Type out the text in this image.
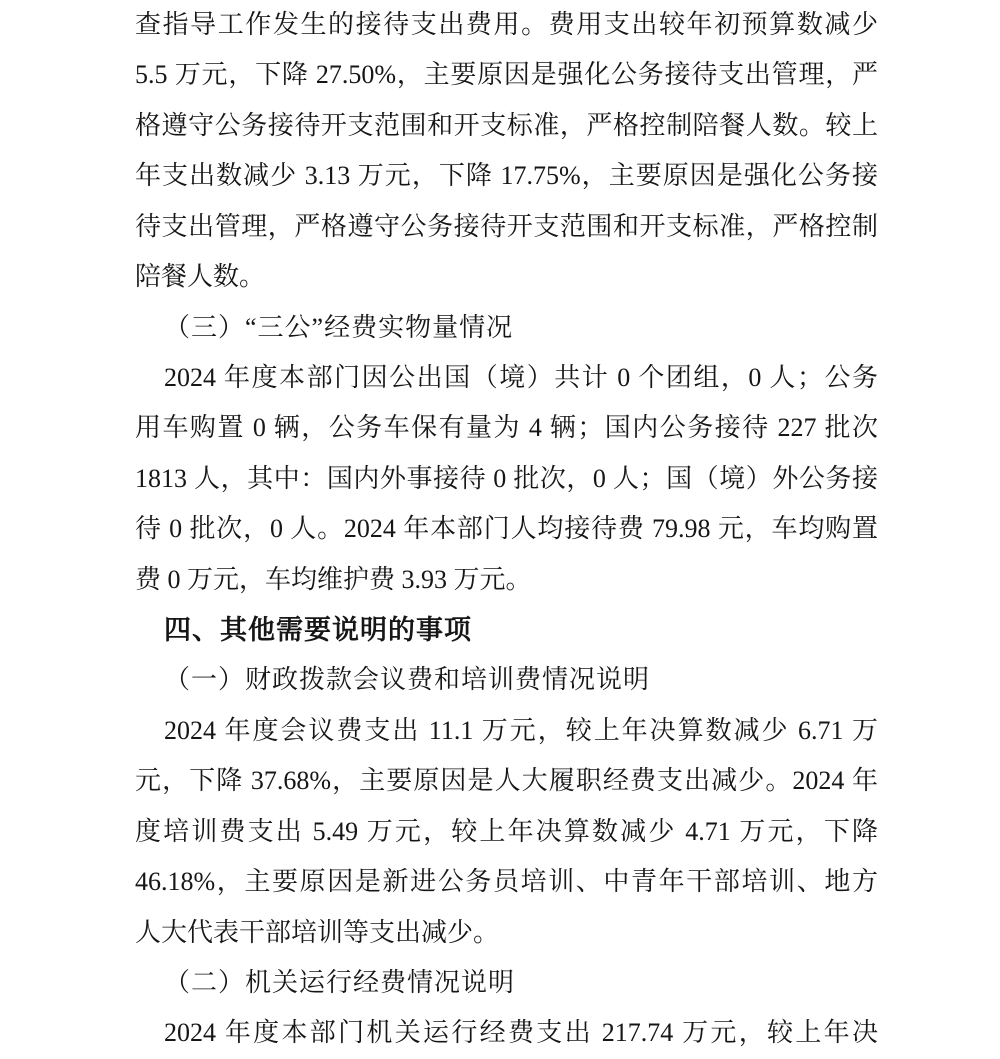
查指导工作发生的接待支出费用。费用支出较年初预算数减少
5.5 万元，下降 27.50%，主要原因是强化公务接待支出管理，严
格遵守公务接待开支范围和开支标准，严格控制陪餐人数。较上
年支出数减少 3.13 万元，下降 17.75%，主要原因是强化公务接
待支出管理，严格遵守公务接待开支范围和开支标准，严格控制
陪餐人数。
（三）“三公”经费实物量情况
2024 年度本部门因公出国（境）共计 0 个团组，0 人；公务
用车购置 0 辆，公务车保有量为 4 辆；国内公务接待 227 批次
1813 人，其中：国内外事接待 0 批次，0 人；国（境）外公务接
待 0 批次，0 人。2024 年本部门人均接待费 79.98 元，车均购置
费 0 万元，车均维护费 3.93 万元。
四、其他需要说明的事项
（一）财政拨款会议费和培训费情况说明
2024 年度会议费支出 11.1 万元，较上年决算数减少 6.71 万
元，下降 37.68%，主要原因是人大履职经费支出减少。2024 年
度培训费支出 5.49 万元，较上年决算数减少 4.71 万元，下降
46.18%，主要原因是新进公务员培训、中青年干部培训、地方
人大代表干部培训等支出减少。
（二）机关运行经费情况说明
2024 年度本部门机关运行经费支出 217.74 万元，较上年决
